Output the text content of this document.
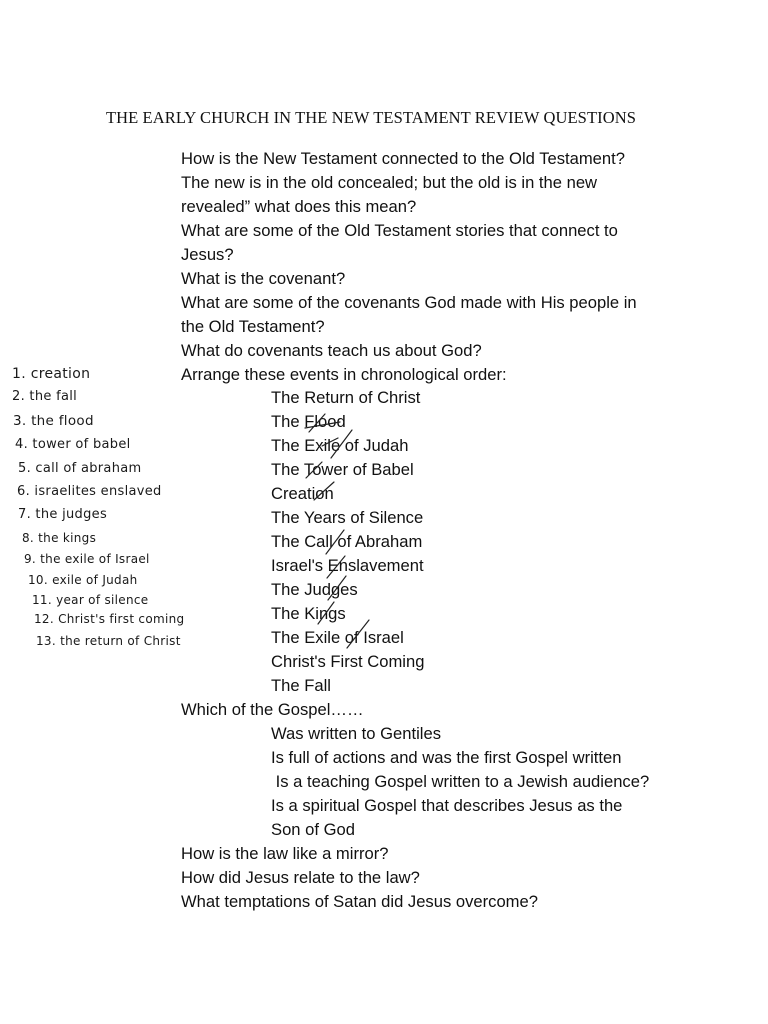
THE EARLY CHURCH IN THE NEW TESTAMENT REVIEW QUESTIONS
How is the New Testament connected to the Old Testament?
The new is in the old concealed; but the old is in the new
revealed” what does this mean?
What are some of the Old Testament stories that connect to
Jesus?
What is the covenant?
What are some of the covenants God made with His people in
the Old Testament?
What do covenants teach us about God?
Arrange these events in chronological order:
The Return of Christ
The Flood
The Exile of Judah
The Tower of Babel
Creation
The Years of Silence
The Call of Abraham
Israel's Enslavement
The Judges
The Kings
The Exile of Israel
Christ's First Coming
The Fall
Which of the Gospel……
Was written to Gentiles
Is full of actions and was the first Gospel written
Is a teaching Gospel written to a Jewish audience?
Is a spiritual Gospel that describes Jesus as the
Son of God
How is the law like a mirror?
How did Jesus relate to the law?
What temptations of Satan did Jesus overcome?
1. creation
2. the fall
3. the flood
4. tower of babel
5. call of abraham
6. israelites enslaved
7. the judges
8. the kings
9. the exile of Israel
10. exile of Judah
11. year of silence
12. Christ's first coming
13. the return of Christ
